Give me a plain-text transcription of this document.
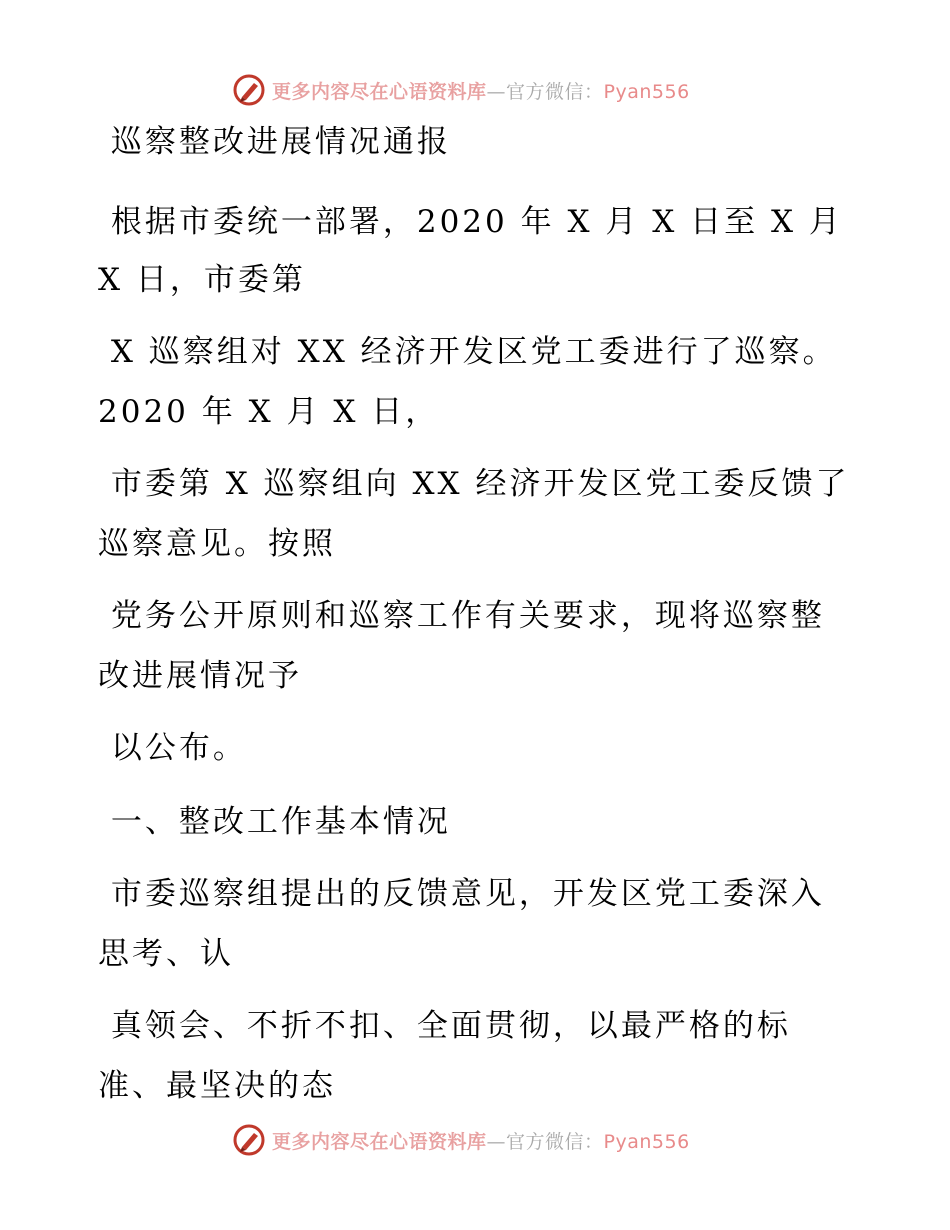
更多内容尽在心语资料库—官方微信：Pyan556
巡察整改进展情况通报
根据市委统一部署，2020 年 X 月 X 日至 X 月
X 日，市委第
X 巡察组对 XX 经济开发区党工委进行了巡察。
2020 年 X 月 X 日，
市委第 X 巡察组向 XX 经济开发区党工委反馈了
巡察意见。按照
党务公开原则和巡察工作有关要求，现将巡察整
改进展情况予
以公布。
一、整改工作基本情况
市委巡察组提出的反馈意见，开发区党工委深入
思考、认
真领会、不折不扣、全面贯彻，以最严格的标
准、最坚决的态
更多内容尽在心语资料库—官方微信：Pyan556
